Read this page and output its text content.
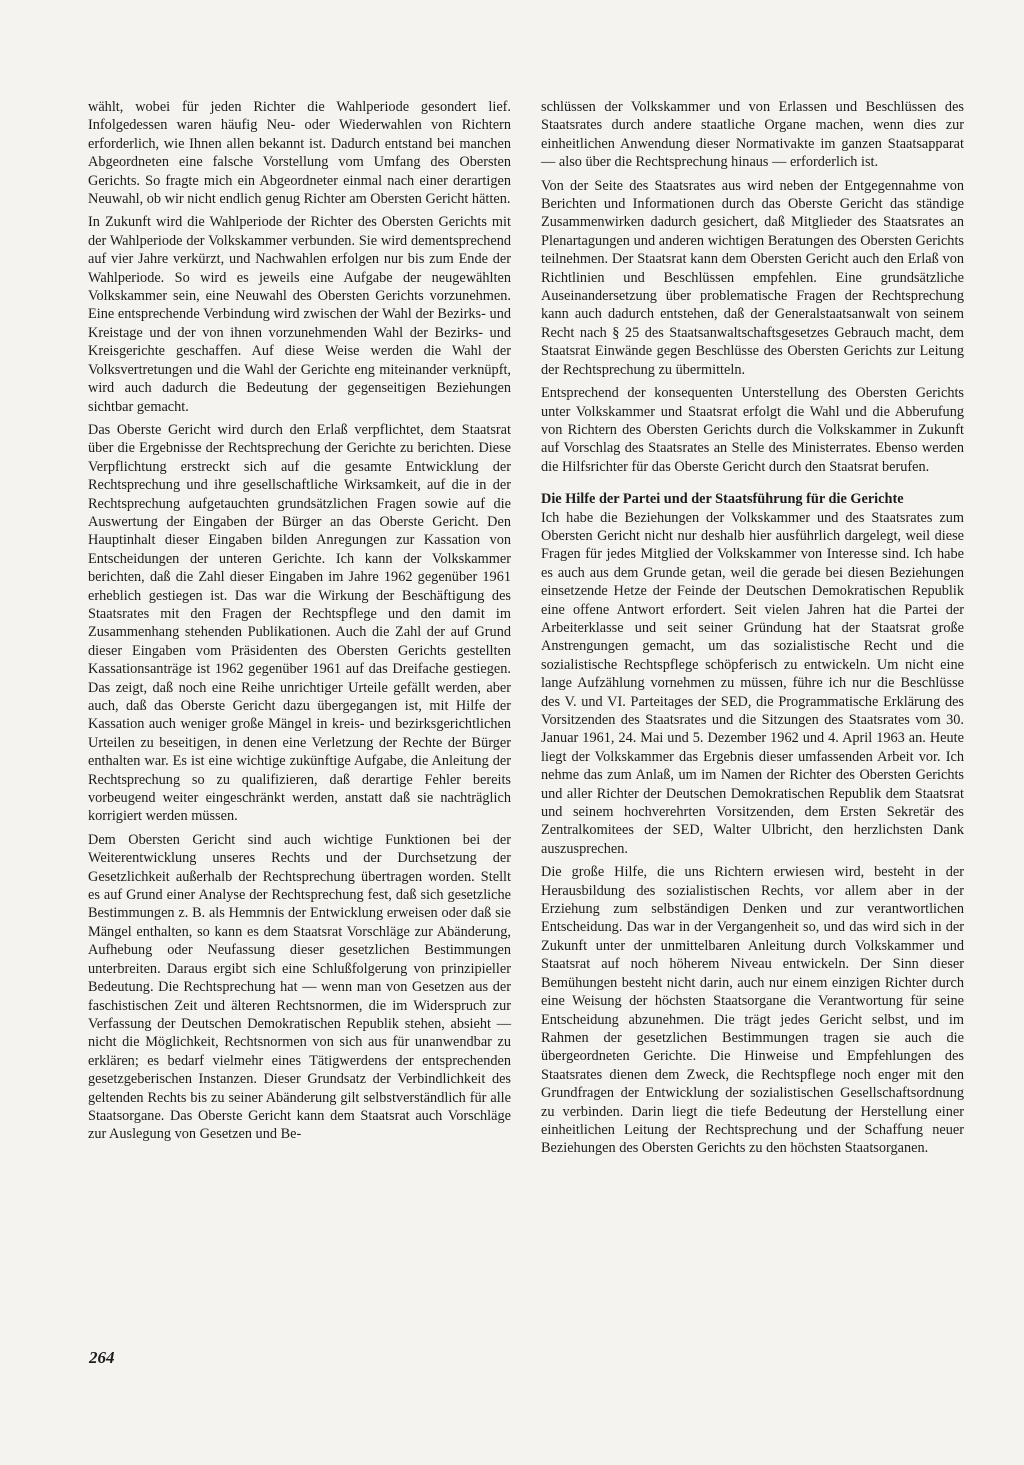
wählt, wobei für jeden Richter die Wahlperiode gesondert lief. Infolgedessen waren häufig Neu- oder Wiederwahlen von Richtern erforderlich, wie Ihnen allen bekannt ist. Dadurch entstand bei manchen Abgeordneten eine falsche Vorstellung vom Umfang des Obersten Gerichts. So fragte mich ein Abgeordneter einmal nach einer derartigen Neuwahl, ob wir nicht endlich genug Richter am Obersten Gericht hätten.

In Zukunft wird die Wahlperiode der Richter des Obersten Gerichts mit der Wahlperiode der Volkskammer verbunden. Sie wird dementsprechend auf vier Jahre verkürzt, und Nachwahlen erfolgen nur bis zum Ende der Wahlperiode. So wird es jeweils eine Aufgabe der neugewählten Volkskammer sein, eine Neuwahl des Obersten Gerichts vorzunehmen. Eine entsprechende Verbindung wird zwischen der Wahl der Bezirks- und Kreistage und der von ihnen vorzunehmenden Wahl der Bezirks- und Kreisgerichte geschaffen. Auf diese Weise werden die Wahl der Volksvertretungen und die Wahl der Gerichte eng miteinander verknüpft, wird auch dadurch die Bedeutung der gegenseitigen Beziehungen sichtbar gemacht.

Das Oberste Gericht wird durch den Erlaß verpflichtet, dem Staatsrat über die Ergebnisse der Rechtsprechung der Gerichte zu berichten. Diese Verpflichtung erstreckt sich auf die gesamte Entwicklung der Rechtsprechung und ihre gesellschaftliche Wirksamkeit, auf die in der Rechtsprechung aufgetauchten grundsätzlichen Fragen sowie auf die Auswertung der Eingaben der Bürger an das Oberste Gericht. Den Hauptinhalt dieser Eingaben bilden Anregungen zur Kassation von Entscheidungen der unteren Gerichte. Ich kann der Volkskammer berichten, daß die Zahl dieser Eingaben im Jahre 1962 gegenüber 1961 erheblich gestiegen ist. Das war die Wirkung der Beschäftigung des Staatsrates mit den Fragen der Rechtspflege und den damit im Zusammenhang stehenden Publikationen. Auch die Zahl der auf Grund dieser Eingaben vom Präsidenten des Obersten Gerichts gestellten Kassationsanträge ist 1962 gegenüber 1961 auf das Dreifache gestiegen. Das zeigt, daß noch eine Reihe unrichtiger Urteile gefällt werden, aber auch, daß das Oberste Gericht dazu übergegangen ist, mit Hilfe der Kassation auch weniger große Mängel in kreis- und bezirksgerichtlichen Urteilen zu beseitigen, in denen eine Verletzung der Rechte der Bürger enthalten war. Es ist eine wichtige zukünftige Aufgabe, die Anleitung der Rechtsprechung so zu qualifizieren, daß derartige Fehler bereits vorbeugend weiter eingeschränkt werden, anstatt daß sie nachträglich korrigiert werden müssen.

Dem Obersten Gericht sind auch wichtige Funktionen bei der Weiterentwicklung unseres Rechts und der Durchsetzung der Gesetzlichkeit außerhalb der Rechtsprechung übertragen worden. Stellt es auf Grund einer Analyse der Rechtsprechung fest, daß sich gesetzliche Bestimmungen z. B. als Hemmnis der Entwicklung erweisen oder daß sie Mängel enthalten, so kann es dem Staatsrat Vorschläge zur Abänderung, Aufhebung oder Neufassung dieser gesetzlichen Bestimmungen unterbreiten. Daraus ergibt sich eine Schlußfolgerung von prinzipieller Bedeutung. Die Rechtsprechung hat — wenn man von Gesetzen aus der faschistischen Zeit und älteren Rechtsnormen, die im Widerspruch zur Verfassung der Deutschen Demokratischen Republik stehen, absieht — nicht die Möglichkeit, Rechtsnormen von sich aus für unanwendbar zu erklären; es bedarf vielmehr eines Tätigwerdens der entsprechenden gesetzgeberischen Instanzen. Dieser Grundsatz der Verbindlichkeit des geltenden Rechts bis zu seiner Abänderung gilt selbstverständlich für alle Staatsorgane. Das Oberste Gericht kann dem Staatsrat auch Vorschläge zur Auslegung von Gesetzen und Be-

schlüssen der Volkskammer und von Erlassen und Beschlüssen des Staatsrates durch andere staatliche Organe machen, wenn dies zur einheitlichen Anwendung dieser Normativakte im ganzen Staatsapparat — also über die Rechtsprechung hinaus — erforderlich ist.

Von der Seite des Staatsrates aus wird neben der Entgegennahme von Berichten und Informationen durch das Oberste Gericht das ständige Zusammenwirken dadurch gesichert, daß Mitglieder des Staatsrates an Plenartagungen und anderen wichtigen Beratungen des Obersten Gerichts teilnehmen. Der Staatsrat kann dem Obersten Gericht auch den Erlaß von Richtlinien und Beschlüssen empfehlen. Eine grundsätzliche Auseinandersetzung über problematische Fragen der Rechtsprechung kann auch dadurch entstehen, daß der Generalstaatsanwalt von seinem Recht nach § 25 des Staatsanwaltschaftsgesetzes Gebrauch macht, dem Staatsrat Einwände gegen Beschlüsse des Obersten Gerichts zur Leitung der Rechtsprechung zu übermitteln.

Entsprechend der konsequenten Unterstellung des Obersten Gerichts unter Volkskammer und Staatsrat erfolgt die Wahl und die Abberufung von Richtern des Obersten Gerichts durch die Volkskammer in Zukunft auf Vorschlag des Staatsrates an Stelle des Ministerrates. Ebenso werden die Hilfsrichter für das Oberste Gericht durch den Staatsrat berufen.

Die Hilfe der Partei und der Staatsführung für die Gerichte

Ich habe die Beziehungen der Volkskammer und des Staatsrates zum Obersten Gericht nicht nur deshalb hier ausführlich dargelegt, weil diese Fragen für jedes Mitglied der Volkskammer von Interesse sind. Ich habe es auch aus dem Grunde getan, weil die gerade bei diesen Beziehungen einsetzende Hetze der Feinde der Deutschen Demokratischen Republik eine offene Antwort erfordert. Seit vielen Jahren hat die Partei der Arbeiterklasse und seit seiner Gründung hat der Staatsrat große Anstrengungen gemacht, um das sozialistische Recht und die sozialistische Rechtspflege schöpferisch zu entwickeln. Um nicht eine lange Aufzählung vornehmen zu müssen, führe ich nur die Beschlüsse des V. und VI. Parteitages der SED, die Programmatische Erklärung des Vorsitzenden des Staatsrates und die Sitzungen des Staatsrates vom 30. Januar 1961, 24. Mai und 5. Dezember 1962 und 4. April 1963 an. Heute liegt der Volkskammer das Ergebnis dieser umfassenden Arbeit vor. Ich nehme das zum Anlaß, um im Namen der Richter des Obersten Gerichts und aller Richter der Deutschen Demokratischen Republik dem Staatsrat und seinem hochverehrten Vorsitzenden, dem Ersten Sekretär des Zentralkomitees der SED, Walter Ulbricht, den herzlichsten Dank auszusprechen.

Die große Hilfe, die uns Richtern erwiesen wird, besteht in der Herausbildung des sozialistischen Rechts, vor allem aber in der Erziehung zum selbständigen Denken und zur verantwortlichen Entscheidung. Das war in der Vergangenheit so, und das wird sich in der Zukunft unter der unmittelbaren Anleitung durch Volkskammer und Staatsrat auf noch höherem Niveau entwickeln. Der Sinn dieser Bemühungen besteht nicht darin, auch nur einem einzigen Richter durch eine Weisung der höchsten Staatsorgane die Verantwortung für seine Entscheidung abzunehmen. Die trägt jedes Gericht selbst, und im Rahmen der gesetzlichen Bestimmungen tragen sie auch die übergeordneten Gerichte. Die Hinweise und Empfehlungen des Staatsrates dienen dem Zweck, die Rechtspflege noch enger mit den Grundfragen der Entwicklung der sozialistischen Gesellschaftsordnung zu verbinden. Darin liegt die tiefe Bedeutung der Herstellung einer einheitlichen Leitung der Rechtsprechung und der Schaffung neuer Beziehungen des Obersten Gerichts zu den höchsten Staatsorganen.

264
